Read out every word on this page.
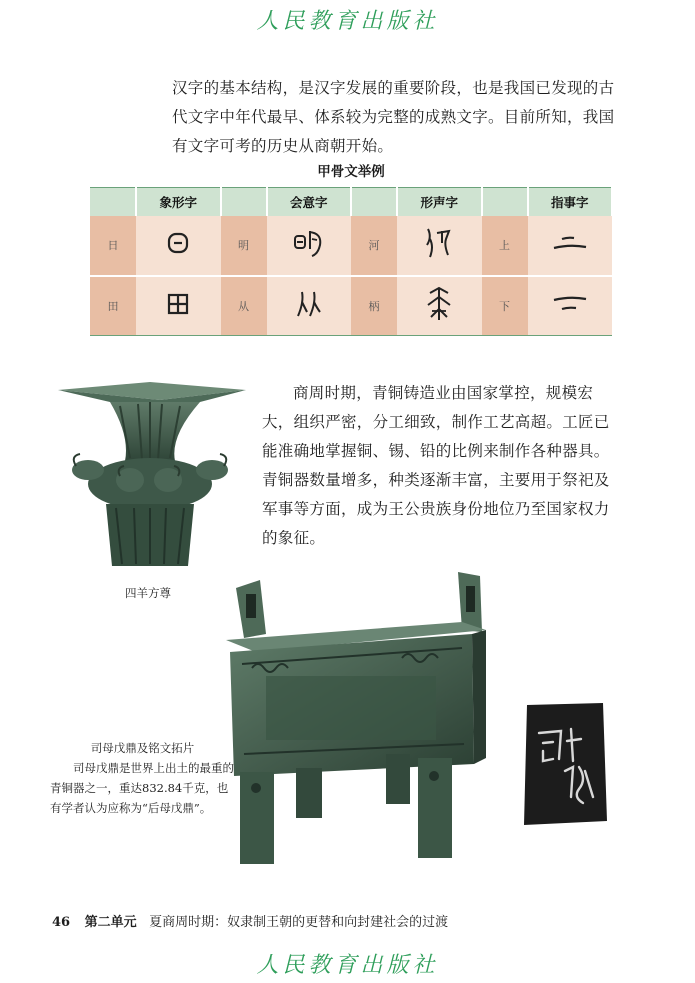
人民教育出版社

汉字的基本结构，是汉字发展的重要阶段，也是我国已发现的古代文字中年代最早、体系较为完整的成熟文字。目前所知，我国有文字可考的历史从商朝开始。

甲骨文举例
	象形字		会意字		形声字		指事字
日		明		河		上	
田		从		柄		下	
四羊方尊

商周时期，青铜铸造业由国家掌控，规模宏大，组织严密，分工细致，制作工艺高超。工匠已能准确地掌握铜、锡、铅的比例来制作各种器具。青铜器数量增多，种类逐渐丰富，主要用于祭祀及军事等方面，成为王公贵族身份地位乃至国家权力的象征。

司母戊鼎及铭文拓片

司母戊鼎是世界上出土的最重的青铜器之一，重达832.84千克，也有学者认为应称为“后母戊鼎”。

46 第二单元 夏商周时期：奴隶制王朝的更替和向封建社会的过渡
人民教育出版社
